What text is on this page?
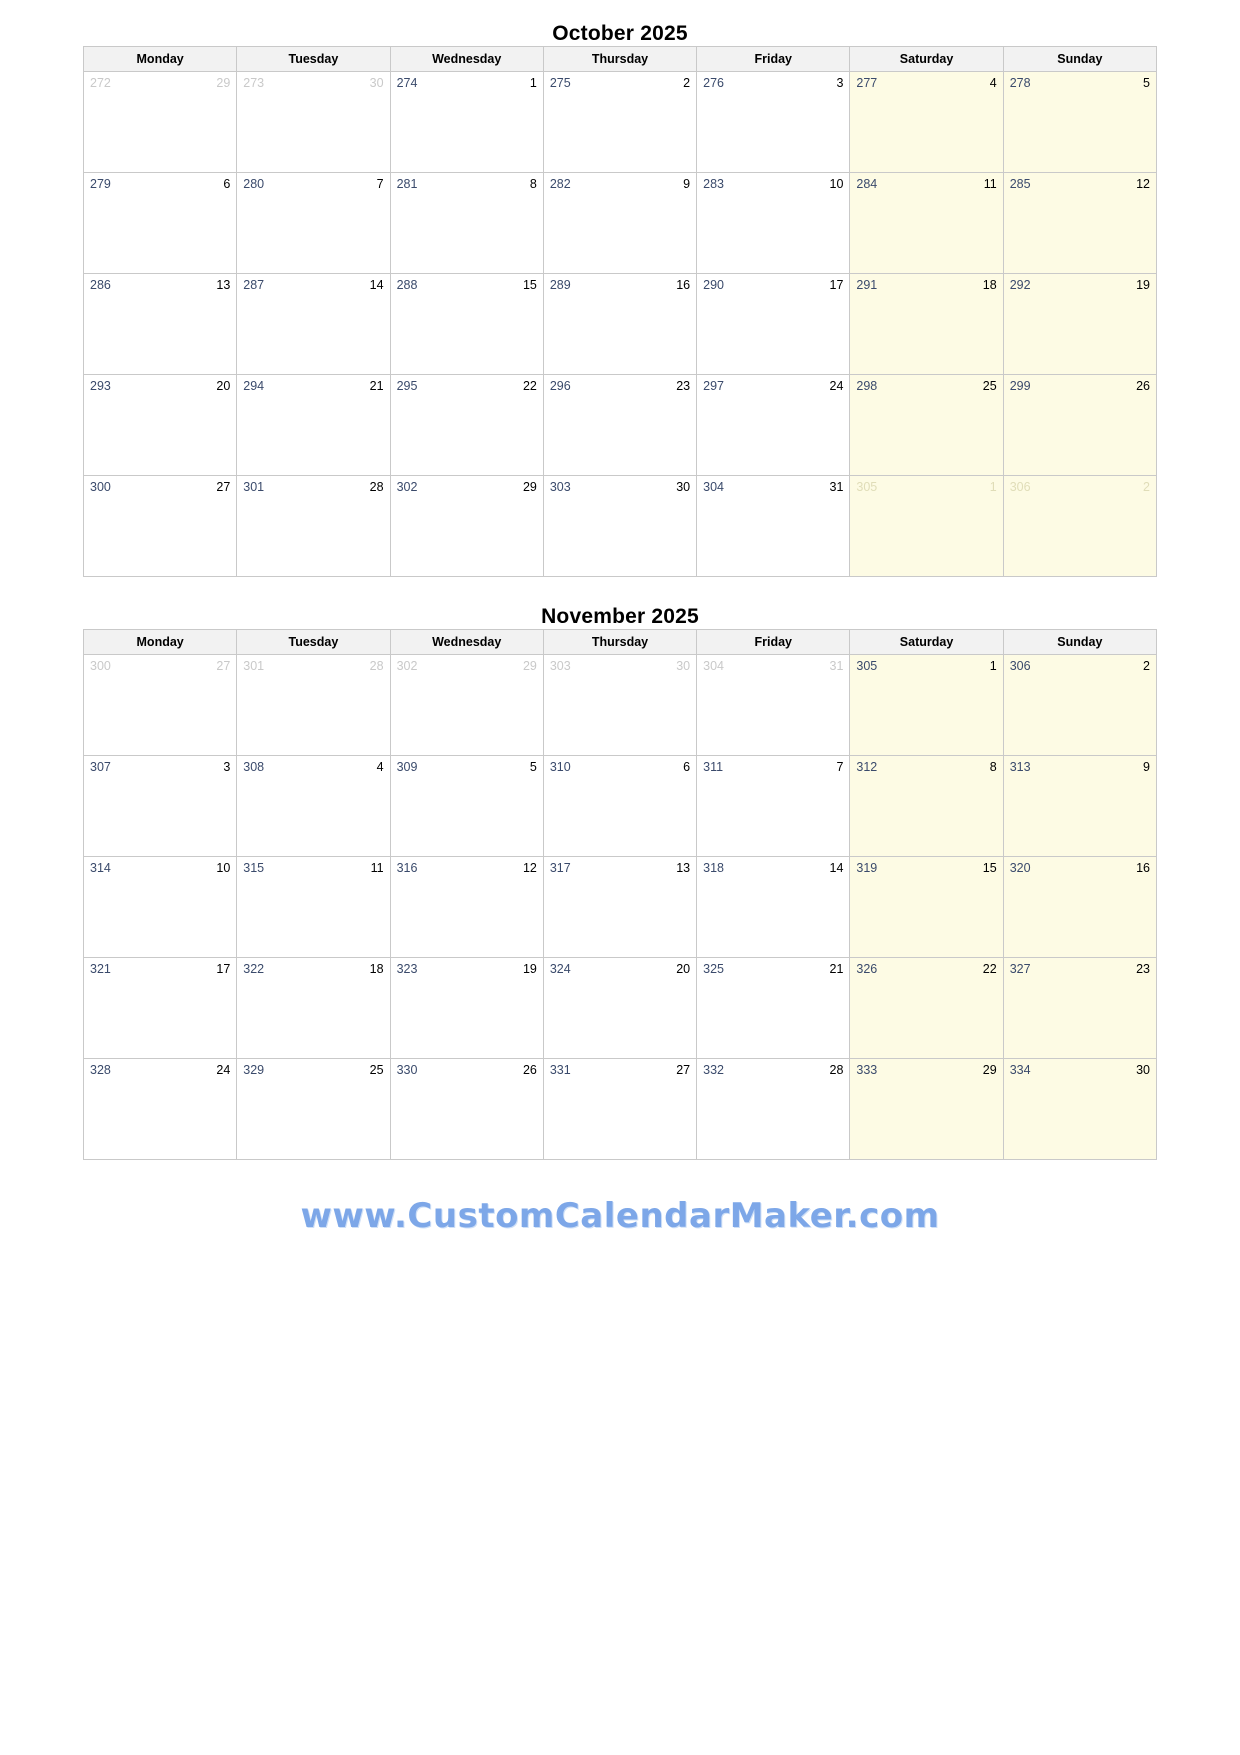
October 2025
Monday	Tuesday	Wednesday	Thursday	Friday	Saturday	Sunday

272 29	273 30	274 1	275 2	276 3	277 4	278 5

279 6	280 7	281 8	282 9	283 10	284 11	285 12

286 13	287 14	288 15	289 16	290 17	291 18	292 19

293 20	294 21	295 22	296 23	297 24	298 25	299 26

300 27	301 28	302 29	303 30	304 31	305 1	306 2
November 2025
Monday	Tuesday	Wednesday	Thursday	Friday	Saturday	Sunday

300 27	301 28	302 29	303 30	304 31	305 1	306 2

307 3	308 4	309 5	310 6	311 7	312 8	313 9

314 10	315 11	316 12	317 13	318 14	319 15	320 16

321 17	322 18	323 19	324 20	325 21	326 22	327 23

328 24	329 25	330 26	331 27	332 28	333 29	334 30
www.CustomCalendarMaker.com
